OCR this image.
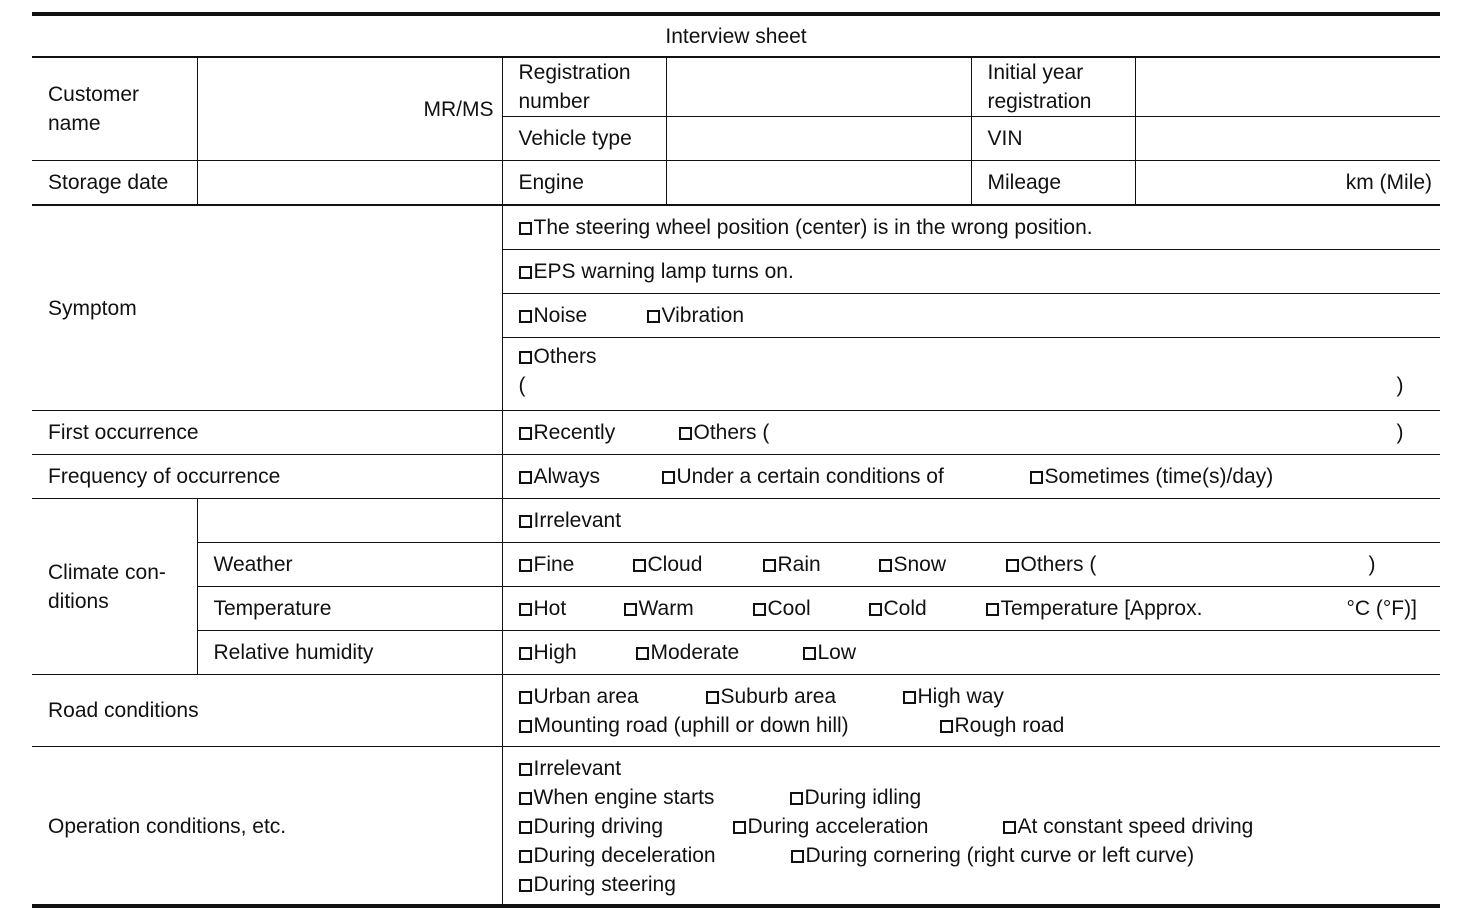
Interview sheet					
Customer name	MR/MS	Registration number		Initial year registration	
		Vehicle type		VIN	
Storage date		Engine		Mileage	km (Mile)
Symptom		The steering wheel position (center) is in the wrong position.			
		EPS warning lamp turns on.			
		Noise Vibration			

		Others
( )			

First occurrence		Recently Others ( )			

Frequency of occurrence		Always Under a certain conditions of Sometimes (time(s)/day)			
Climate con-
ditions		Irrelevant			
	Weather	Fine Cloud Rain Snow Others ( )			

	Temperature	Hot Warm Cool Cold Temperature [Approx. °C (°F)]			

	Relative humidity	High Moderate Low			
Road conditions		Urban area Suburb area High way
Mounting road (uphill or down hill) Rough road			

Operation conditions, etc.		Irrelevant
When engine starts During idling
During driving During acceleration At constant speed driving
During deceleration During cornering (right curve or left curve)
During steering			
